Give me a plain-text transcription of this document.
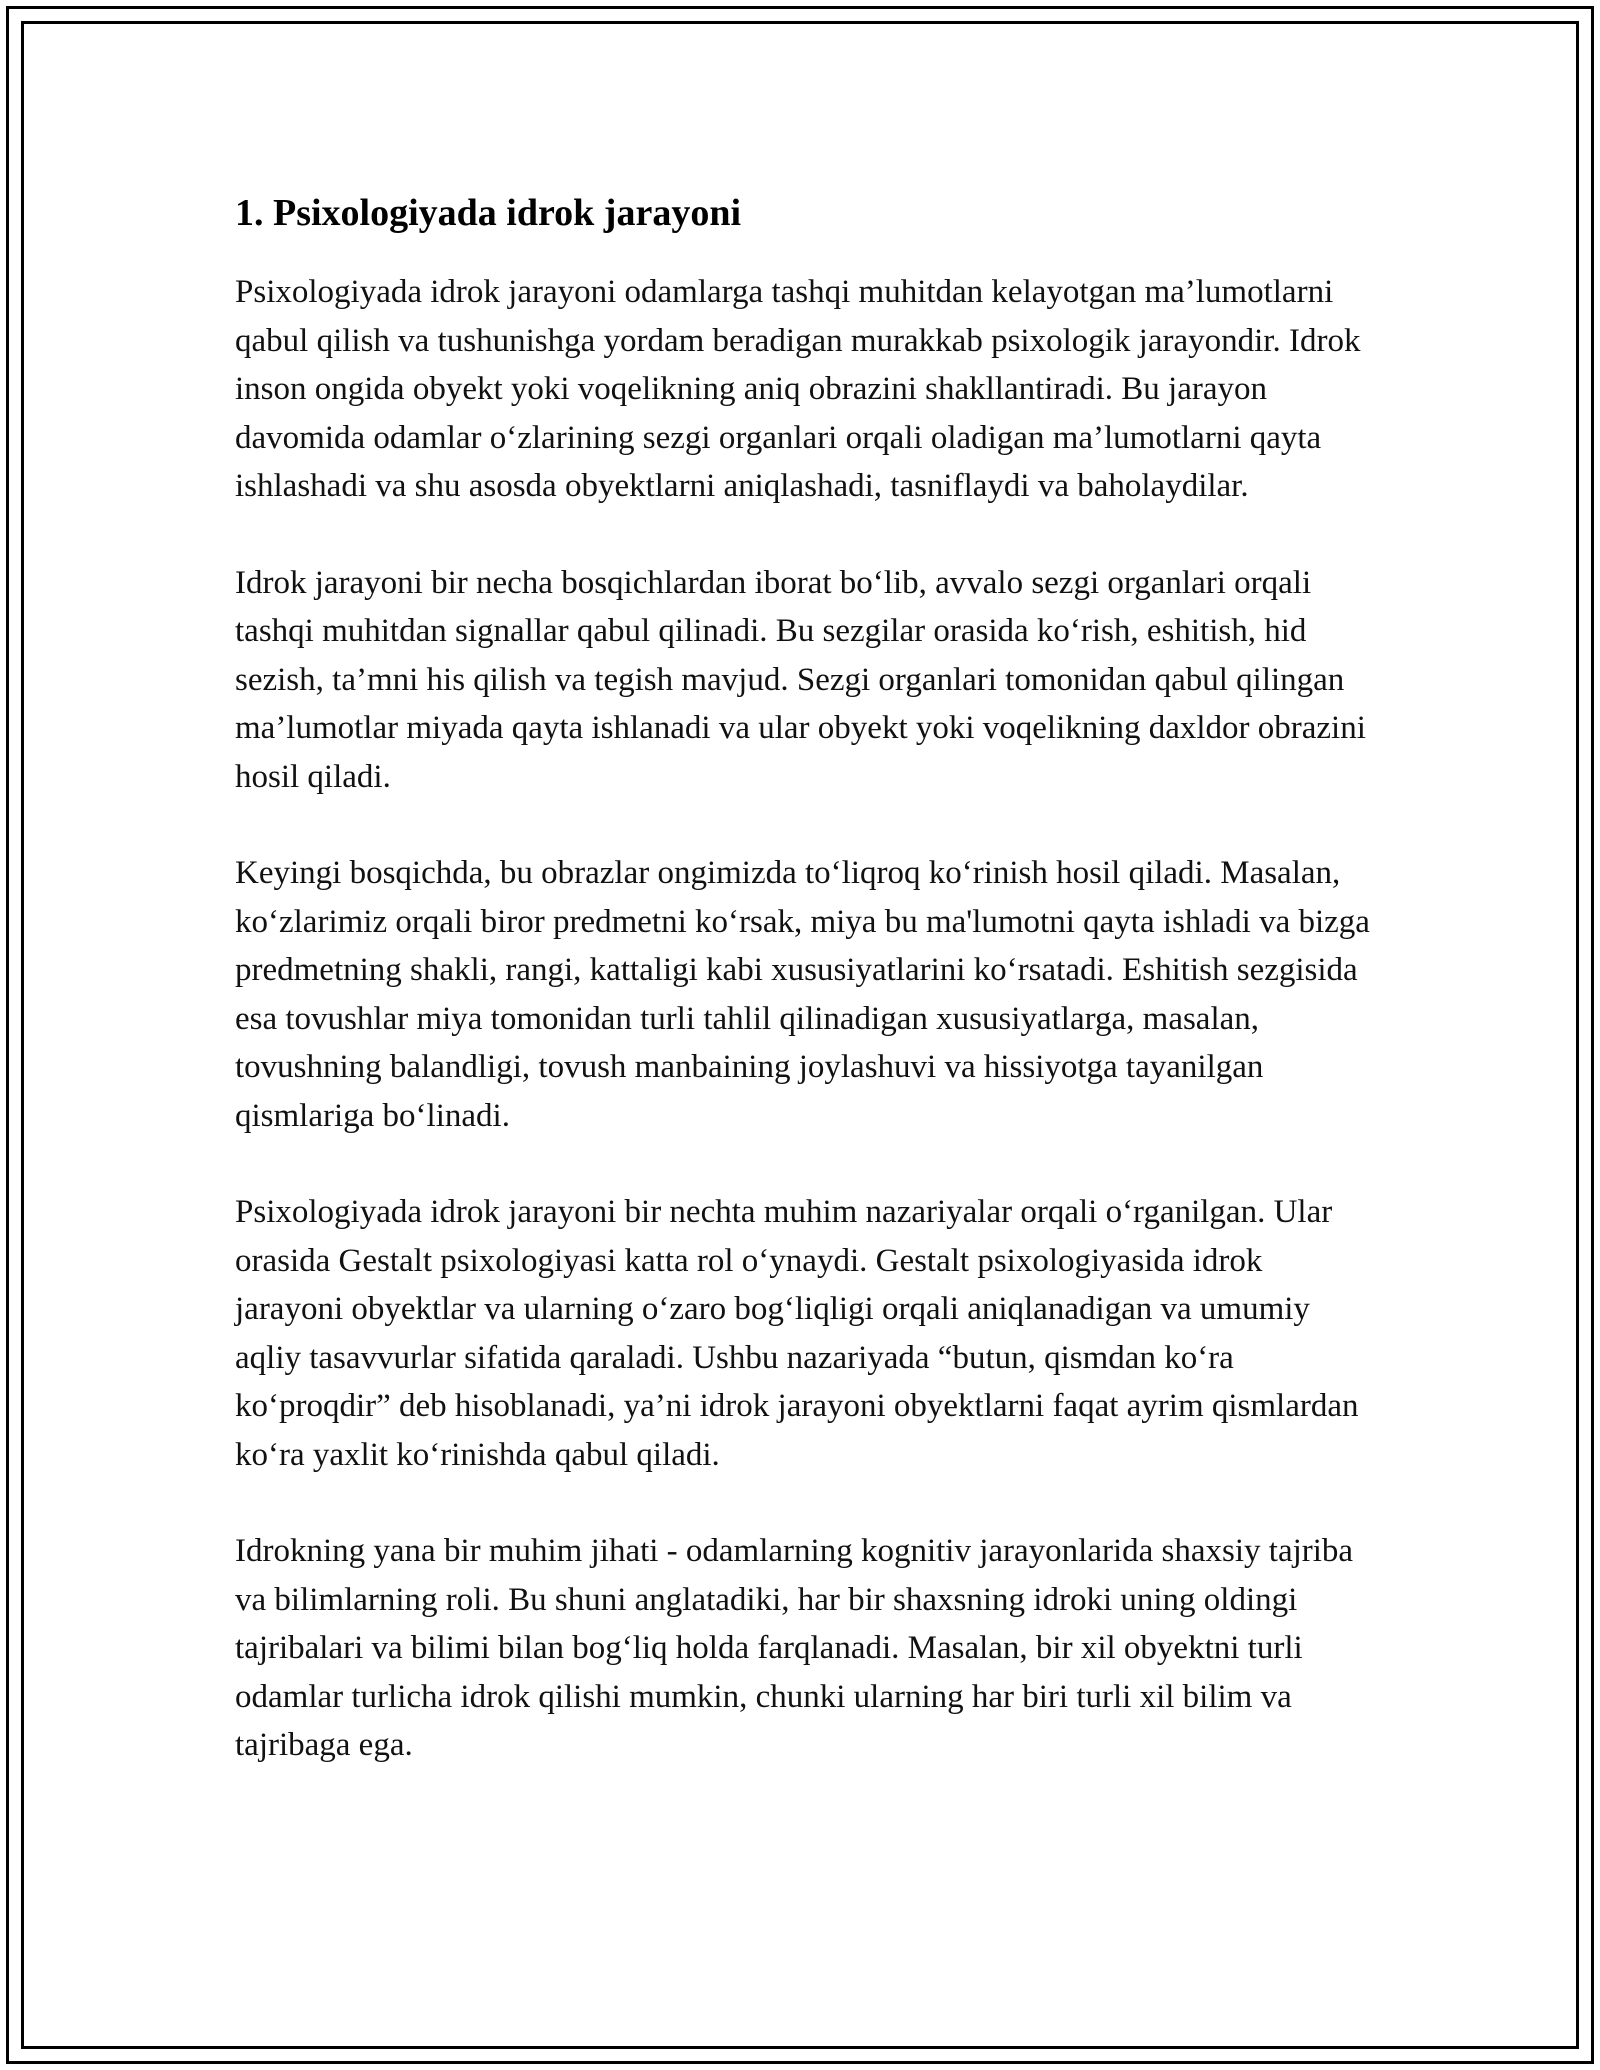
1. Psixologiyada idrok jarayoni

Psixologiyada idrok jarayoni odamlarga tashqi muhitdan kelayotgan ma’lumotlarni qabul qilish va tushunishga yordam beradigan murakkab psixologik jarayondir. Idrok inson ongida obyekt yoki voqelikning aniq obrazini shakllantiradi. Bu jarayon davomida odamlar o‘zlarining sezgi organlari orqali oladigan ma’lumotlarni qayta ishlashadi va shu asosda obyektlarni aniqlashadi, tasniflaydi va baholaydilar.

Idrok jarayoni bir necha bosqichlardan iborat bo‘lib, avvalo sezgi organlari orqali tashqi muhitdan signallar qabul qilinadi. Bu sezgilar orasida ko‘rish, eshitish, hid sezish, ta’mni his qilish va tegish mavjud. Sezgi organlari tomonidan qabul qilingan ma’lumotlar miyada qayta ishlanadi va ular obyekt yoki voqelikning daxldor obrazini hosil qiladi.

Keyingi bosqichda, bu obrazlar ongimizda to‘liqroq ko‘rinish hosil qiladi. Masalan, ko‘zlarimiz orqali biror predmetni ko‘rsak, miya bu ma'lumotni qayta ishladi va bizga predmetning shakli, rangi, kattaligi kabi xususiyatlarini ko‘rsatadi. Eshitish sezgisida esa tovushlar miya tomonidan turli tahlil qilinadigan xususiyatlarga, masalan, tovushning balandligi, tovush manbaining joylashuvi va hissiyotga tayanilgan qismlariga bo‘linadi.

Psixologiyada idrok jarayoni bir nechta muhim nazariyalar orqali o‘rganilgan. Ular orasida Gestalt psixologiyasi katta rol o‘ynaydi. Gestalt psixologiyasida idrok jarayoni obyektlar va ularning o‘zaro bog‘liqligi orqali aniqlanadigan va umumiy aqliy tasavvurlar sifatida qaraladi. Ushbu nazariyada “butun, qismdan ko‘ra ko‘proqdir” deb hisoblanadi, ya’ni idrok jarayoni obyektlarni faqat ayrim qismlardan ko‘ra yaxlit ko‘rinishda qabul qiladi.

Idrokning yana bir muhim jihati - odamlarning kognitiv jarayonlarida shaxsiy tajriba va bilimlarning roli. Bu shuni anglatadiki, har bir shaxsning idroki uning oldingi tajribalari va bilimi bilan bog‘liq holda farqlanadi. Masalan, bir xil obyektni turli odamlar turlicha idrok qilishi mumkin, chunki ularning har biri turli xil bilim va tajribaga ega.
